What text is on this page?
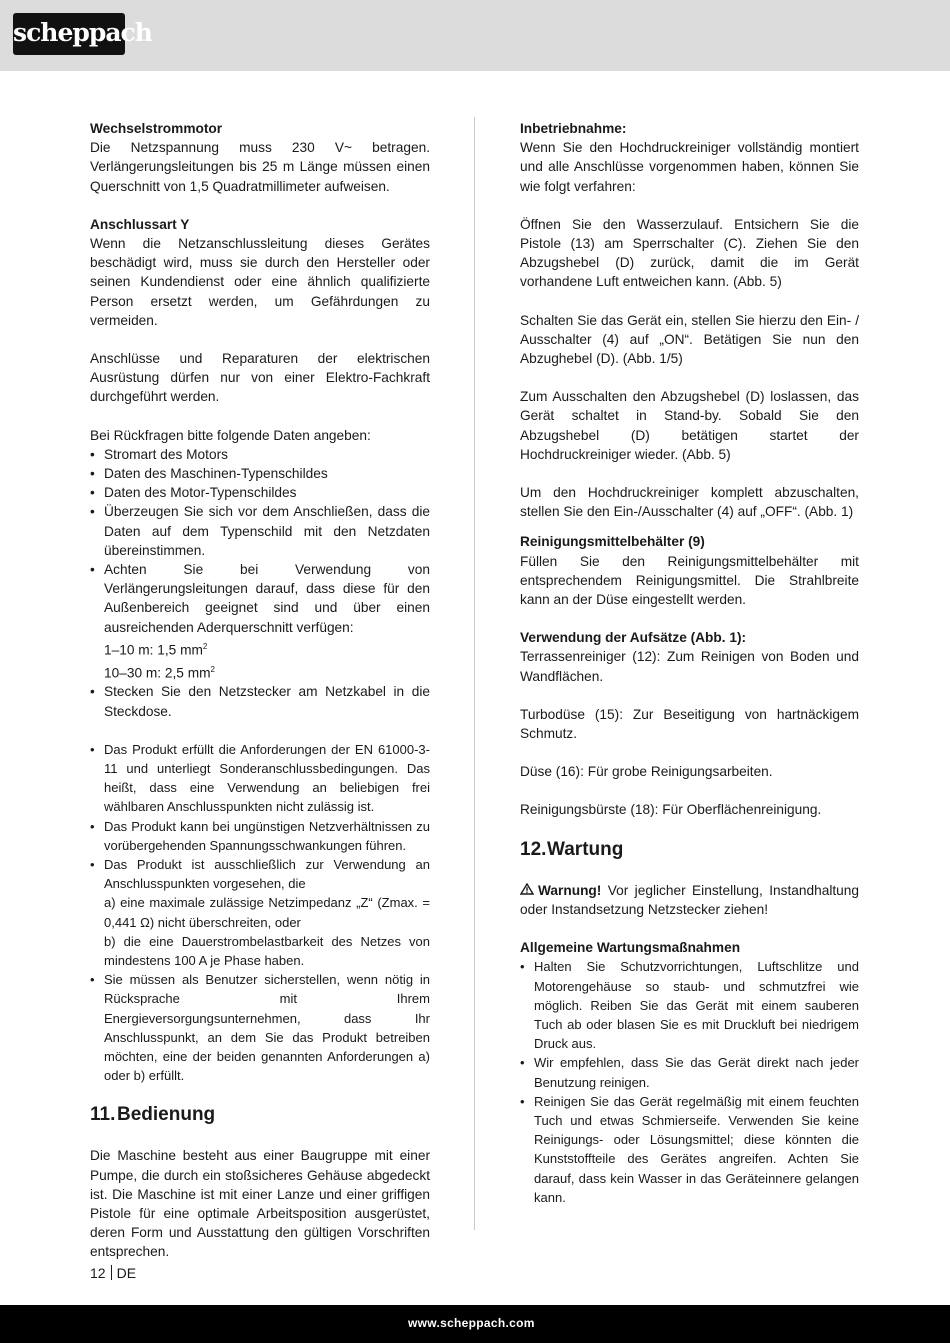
scheppach

Wechselstrommotor

Die Netzspannung muss 230 V~ betragen. Verlängerungsleitungen bis 25 m Länge müssen einen Querschnitt von 1,5 Quadratmillimeter aufweisen.

Anschlussart Y

Wenn die Netzanschlussleitung dieses Gerätes beschädigt wird, muss sie durch den Hersteller oder seinen Kundendienst oder eine ähnlich qualifizierte Person ersetzt werden, um Gefährdungen zu vermeiden.

Anschlüsse und Reparaturen der elektrischen Ausrüstung dürfen nur von einer Elektro-Fachkraft durchgeführt werden.

Bei Rückfragen bitte folgende Daten angeben:

• Stromart des Motors
• Daten des Maschinen-Typenschildes
• Daten des Motor-Typenschildes
• Überzeugen Sie sich vor dem Anschließen, dass die Daten auf dem Typenschild mit den Netzdaten übereinstimmen.
• Achten Sie bei Verwendung von Verlängerungsleitungen darauf, dass diese für den Außenbereich geeignet sind und über einen ausreichenden Aderquerschnitt verfügen:
1–10 m: 1,5 $mm^2$
10–30 m: 2,5 $mm^2$
• Stecken Sie den Netzstecker am Netzkabel in die Steckdose.
• Das Produkt erfüllt die Anforderungen der EN 61000-3-11 und unterliegt Sonderanschlussbedingungen. Das heißt, dass eine Verwendung an beliebigen frei wählbaren Anschlusspunkten nicht zulässig ist.
• Das Produkt kann bei ungünstigen Netzverhältnissen zu vorübergehenden Spannungsschwankungen führen.
• Das Produkt ist ausschließlich zur Verwendung an Anschlusspunkten vorgesehen, die
a) eine maximale zulässige Netzimpedanz „Z“ (Zmax. = 0,441 Ω) nicht überschreiten, oder
b) die eine Dauerstrombelastbarkeit des Netzes von mindestens 100 A je Phase haben.
• Sie müssen als Benutzer sicherstellen, wenn nötig in Rücksprache mit Ihrem Energieversorgungsunternehmen, dass Ihr Anschlusspunkt, an dem Sie das Produkt betreiben möchten, eine der beiden genannten Anforderungen a) oder b) erfüllt.
11.Bedienung

Die Maschine besteht aus einer Baugruppe mit einer Pumpe, die durch ein stoßsicheres Gehäuse abgedeckt ist. Die Maschine ist mit einer Lanze und einer griffigen Pistole für eine optimale Arbeitsposition ausgerüstet, deren Form und Ausstattung den gültigen Vorschriften entsprechen.

Inbetriebnahme:

Wenn Sie den Hochdruckreiniger vollständig montiert und alle Anschlüsse vorgenommen haben, können Sie wie folgt verfahren:

Öffnen Sie den Wasserzulauf. Entsichern Sie die Pistole (13) am Sperrschalter (C). Ziehen Sie den Abzugshebel (D) zurück, damit die im Gerät vorhandene Luft entweichen kann. (Abb. 5)

Schalten Sie das Gerät ein, stellen Sie hierzu den Ein- / Ausschalter (4) auf „ON“. Betätigen Sie nun den Abzughebel (D). (Abb. 1/5)

Zum Ausschalten den Abzugshebel (D) loslassen, das Gerät schaltet in Stand-by. Sobald Sie den Abzugshebel (D) betätigen startet der Hochdruckreiniger wieder. (Abb. 5)

Um den Hochdruckreiniger komplett abzuschalten, stellen Sie den Ein-/Ausschalter (4) auf „OFF“. (Abb. 1)

Reinigungsmittelbehälter (9)

Füllen Sie den Reinigungsmittelbehälter mit entsprechendem Reinigungsmittel. Die Strahlbreite kann an der Düse eingestellt werden.

Verwendung der Aufsätze (Abb. 1):

Terrassenreiniger (12): Zum Reinigen von Boden und Wandflächen.

Turbodüse (15): Zur Beseitigung von hartnäckigem Schmutz.

Düse (16): Für grobe Reinigungsarbeiten.

Reinigungsbürste (18): Für Oberflächenreinigung.

12.Wartung

Warnung! Vor jeglicher Einstellung, Instandhaltung oder Instandsetzung Netzstecker ziehen!

Allgemeine Wartungsmaßnahmen

• Halten Sie Schutzvorrichtungen, Luftschlitze und Motorengehäuse so staub- und schmutzfrei wie möglich. Reiben Sie das Gerät mit einem sauberen Tuch ab oder blasen Sie es mit Druckluft bei niedrigem Druck aus.
• Wir empfehlen, dass Sie das Gerät direkt nach jeder Benutzung reinigen.
• Reinigen Sie das Gerät regelmäßig mit einem feuchten Tuch und etwas Schmierseife. Verwenden Sie keine Reinigungs- oder Lösungsmittel; diese könnten die Kunststoffteile des Gerätes angreifen. Achten Sie darauf, dass kein Wasser in das Geräteinnere gelangen kann.
12 DE
www.scheppach.com
